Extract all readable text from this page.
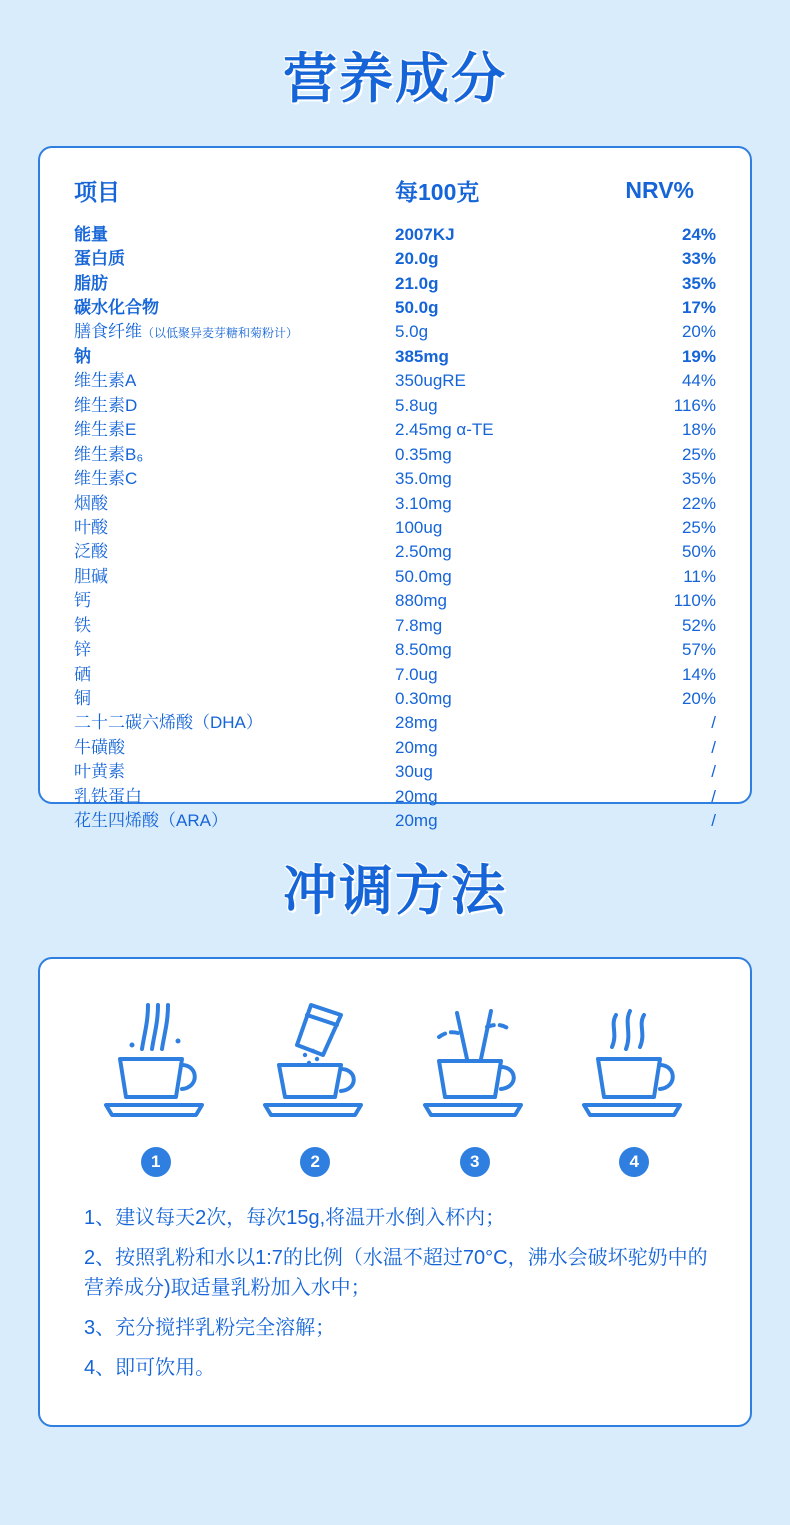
营养成分
项目	每100克	NRV%
能量	2007KJ	24%
蛋白质	20.0g	33%
脂肪	21.0g	35%
碳水化合物	50.0g	17%
膳食纤维（以低聚异麦芽糖和菊粉计）	5.0g	20%
钠	385mg	19%
维生素A	350ugRE	44%
维生素D	5.8ug	116%
维生素E	2.45mg α-TE	18%
维生素B₆	0.35mg	25%
维生素C	35.0mg	35%
烟酸	3.10mg	22%
叶酸	100ug	25%
泛酸	2.50mg	50%
胆碱	50.0mg	11%
钙	880mg	110%
铁	7.8mg	52%
锌	8.50mg	57%
硒	7.0ug	14%
铜	0.30mg	20%
二十二碳六烯酸（DHA）	28mg	/
牛磺酸	20mg	/
叶黄素	30ug	/
乳铁蛋白	20mg	/
花生四烯酸（ARA）	20mg	/
冲调方法
1	2	3	4

1、建议每天2次，每次15g,将温开水倒入杯内；

2、按照乳粉和水以1:7的比例（水温不超过70°C，沸水会破坏驼奶中的营养成分)取适量乳粉加入水中；

3、充分搅拌乳粉完全溶解；

4、即可饮用。
